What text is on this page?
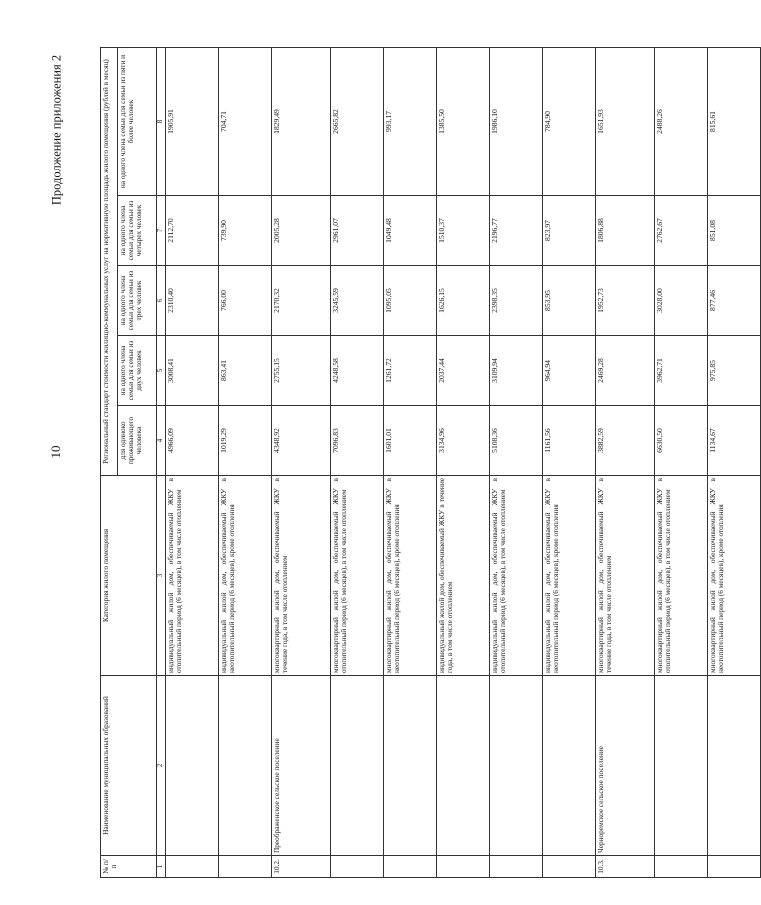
10
Продолжение приложения 2
№ п/п	Наименование муниципальных образований	Категория жилого помещения	Региональный стандарт стоимости жилищно-коммунальных услуг на нормативную площадь жилого помещения (рублей в месяц)				
			для одиноко проживающего человека	на одного члена семьи для семьи из двух человек	на одного члена семьи для семьи из трех человек	на одного члена семьи для семьи из четырех человек	на одного члена семьи для семьи из пяти и более человек
1	2	3	4	5	6	7	8
		индивидуальный жилой дом, обеспечиваемый ЖКУ в отопительный период (6 месяцев), в том числе отоплением	4966,09	3008,41	2310,40	2112,70	1905,91
		индивидуальный жилой дом, обеспечиваемый ЖКУ в неотопительный период (6 месяцев), кроме отопления	1019,29	863,41	766,00	739,90	704,71
10.2.	Преображенское сельское поселение	многоквартирный жилой дом, обеспечиваемый ЖКУ в течение года, в том числе отоплением	4348,92	2755,15	2170,32	2005,28	1829,49
		многоквартирный жилой дом, обеспечиваемый ЖКУ в отопительный период (6 месяцев), в том числе отоплением	7096,83	4248,58	3245,59	2961,07	2665,82
		многоквартирный жилой дом, обеспечиваемый ЖКУ в неотопительный период (6 месяцев), кроме отопления	1601,01	1261,72	1095,05	1049,48	993,17
		индивидуальный жилой дом, обеспечиваемый ЖКУ в течение года, в том числе отоплением	3134,96	2037,44	1626,15	1510,37	1385,50
		индивидуальный жилой дом, обеспечиваемый ЖКУ в отопительный период (6 месяцев), в том числе отоплением	5108,36	3109,94	2398,35	2196,77	1986,10
		индивидуальный жилой дом, обеспечиваемый ЖКУ в неотопительный период (6 месяцев), кроме отопления	1161,56	964,94	853,95	823,97	784,90
10.3.	Черноремское сельское поселение	многоквартирный жилой дом, обеспечиваемый ЖКУ в течение года, в том числе отоплением	3882,59	2469,28	1952,73	1806,88	1651,93
		многоквартирный жилой дом, обеспечиваемый ЖКУ в отопительный период (6 месяцев), в том числе отоплением	6630,50	3962,71	3028,00	2762,67	2488,26
		многоквартирный жилой дом, обеспечиваемый ЖКУ в неотопительный период (6 месяцев), кроме отопления	1134,67	975,85	877,46	851,08	815,61
